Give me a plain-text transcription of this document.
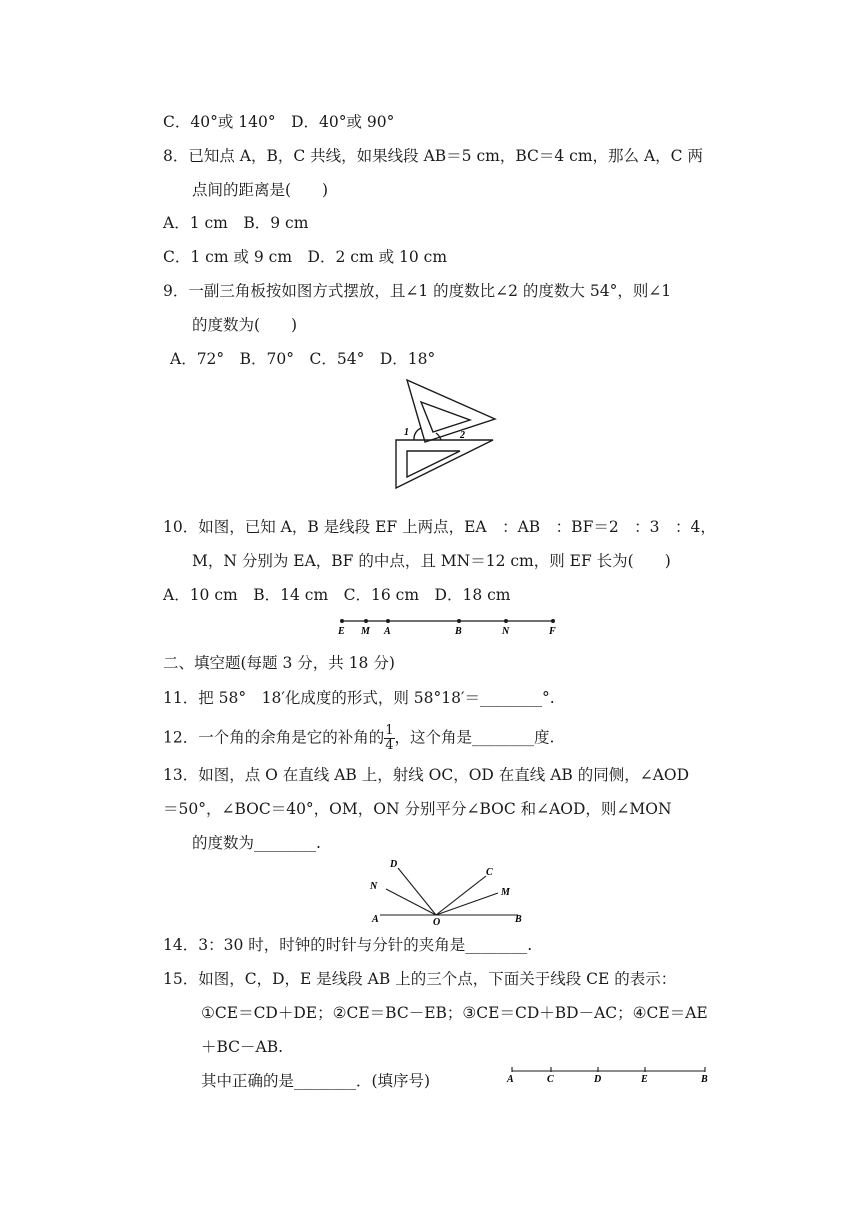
C．40°或 140°　D．40°或 90°
8．已知点 A，B，C 共线，如果线段 AB＝5 cm，BC＝4 cm，那么 A，C 两
点间的距离是(　　)
A．1 cm　B．9 cm
C．1 cm 或 9 cm　D．2 cm 或 10 cm
9．一副三角板按如图方式摆放，且∠1 的度数比∠2 的度数大 54°，则∠1
的度数为(　　)
A．72°　B．70°　C．54°　D．18°
1	2
10．如图，已知 A，B 是线段 EF 上两点，EA　：AB　：BF＝2　：3　：4，
M，N 分别为 EA，BF 的中点，且 MN＝12 cm，则 EF 长为(　　)
A．10 cm　B．14 cm　C．16 cm　D．18 cm
E M A	B	N	F
二、填空题(每题 3 分，共 18 分)
11．把 58°　18′化成度的形式，则 58°18′＝________°.
12．一个角的余角是它的补角的 $\frac{1}{4}$ ，这个角是________度.
13．如图，点 O 在直线 AB 上，射线 OC，OD 在直线 AB 的同侧，∠AOD
＝50°，∠BOC＝40°，OM，ON 分别平分∠BOC 和∠AOD，则∠MON
的度数为________.
D
N
C
M
A	O	B
14．3：30 时，时钟的时针与分针的夹角是________.
15．如图，C，D，E 是线段 AB 上的三个点，下面关于线段 CE 的表示：
①CE＝CD＋DE；②CE＝BC－EB；③CE＝CD＋BD－AC；④CE＝AE
＋BC－AB.
其中正确的是________．(填序号)	A	C	D	E	B
